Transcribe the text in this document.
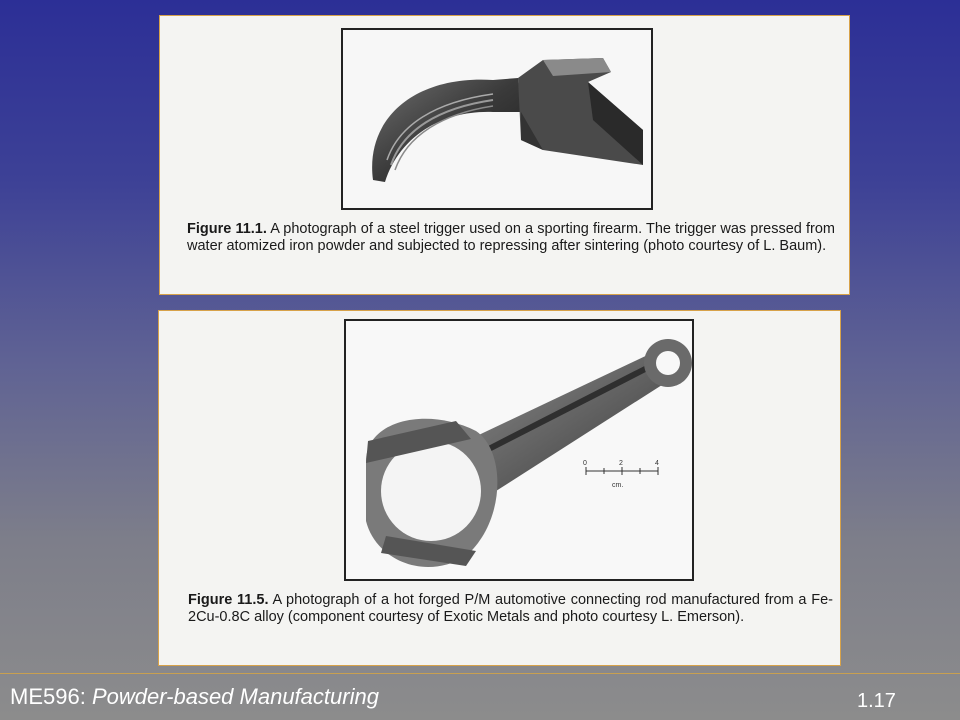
Figure 11.1. A photograph of a steel trigger used on a sporting firearm. The trigger was pressed from water atomized iron powder and subjected to repressing after sintering (photo courtesy of L. Baum).
0	2	4
cm.
Figure 11.5. A photograph of a hot forged P/M automotive connecting rod manufactured from a Fe-2Cu-0.8C alloy (component courtesy of Exotic Metals and photo courtesy L. Emerson).
ME596: Powder-based Manufacturing	1.17
